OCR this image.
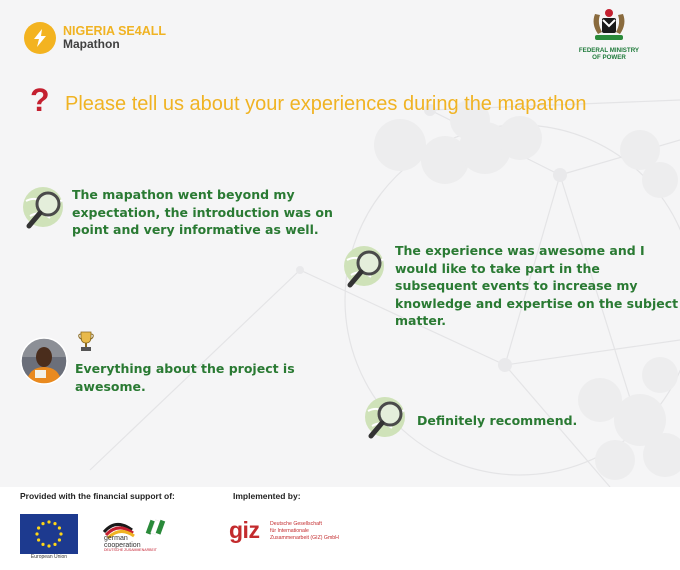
NIGERIA SE4ALL
Mapathon	FEDERAL MINISTRY
OF POWER
? Please tell us about your experiences during the mapathon
The mapathon went beyond my
expectation, the introduction was on
point and very informative as well.
The experience was awesome and I
would like to take part in the
subsequent events to increase my
knowledge and expertise on the subject
matter.
Everything about the project is
awesome.
Definitely recommend.
Provided with the financial support of:	Implemented by:
European Union
german
cooperation
DEUTSCHE ZUSAMMENARBEIT
giz Deutsche Gesellschaft
für Internationale
Zusammenarbeit (GIZ) GmbH
